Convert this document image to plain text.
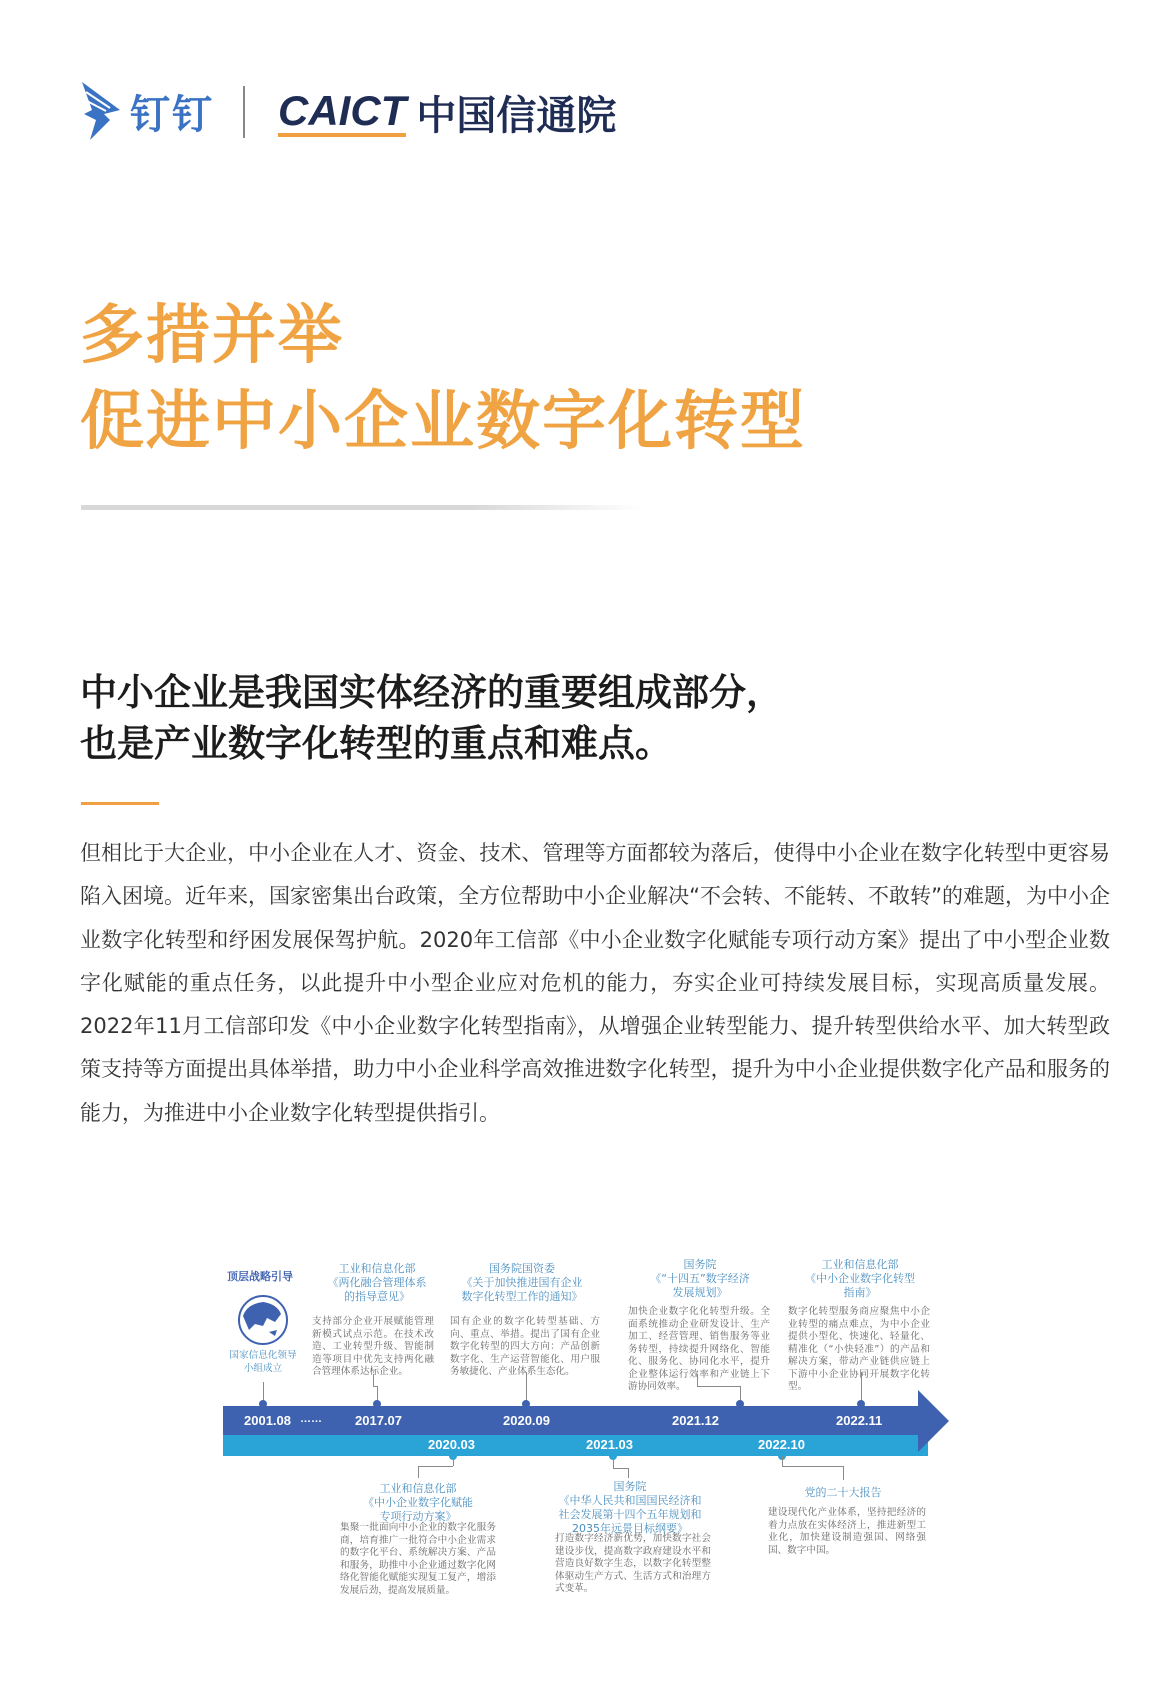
钉钉 CAICT 中国信通院
多措并举
促进中小企业数字化转型
中小企业是我国实体经济的重要组成部分，
也是产业数字化转型的重点和难点。
但相比于大企业，中小企业在人才、资金、技术、管理等方面都较为落后，使得中小企业在数字化转型中更容易陷入困境。近年来，国家密集出台政策，全方位帮助中小企业解决“不会转、不能转、不敢转”的难题，为中小企业数字化转型和纾困发展保驾护航。2020年工信部《中小企业数字化赋能专项行动方案》提出了中小型企业数字化赋能的重点任务，以此提升中小型企业应对危机的能力，夯实企业可持续发展目标，实现高质量发展。2022年11月工信部印发《中小企业数字化转型指南》，从增强企业转型能力、提升转型供给水平、加大转型政策支持等方面提出具体举措，助力中小企业科学高效推进数字化转型，提升为中小企业提供数字化产品和服务的能力，为推进中小企业数字化转型提供指引。
顶层战略引导
国家信息化领导小组成立
2001.08 ……
工业和信息化部
《两化融合管理体系
的指导意见》
支持部分企业开展赋能管理新模式试点示范。在技术改造、工业转型升级、智能制造等项目中优先支持两化融合管理体系达标企业。
2017.07
国务院国资委
《关于加快推进国有企业
数字化转型工作的通知》
国有企业的数字化转型基础、方向、重点、举措。提出了国有企业数字化转型的四大方向：产品创新数字化、生产运营智能化、用户服务敏捷化、产业体系生态化。
2020.09
国务院
《“十四五”数字经济
发展规划》
加快企业数字化化转型升级。全面系统推动企业研发设计、生产加工、经营管理、销售服务等业务转型，持续提升网络化、智能化、服务化、协同化水平，提升企业整体运行效率和产业链上下游协同效率。
2021.12
工业和信息化部
《中小企业数字化转型
指南》
数字化转型服务商应聚焦中小企业转型的痛点难点，为中小企业提供小型化、快速化、轻量化、精准化（“小快轻准”）的产品和解决方案，带动产业链供应链上下游中小企业协同开展数字化转型。
2022.11
2020.03
工业和信息化部
《中小企业数字化赋能
专项行动方案》
集聚一批面向中小企业的数字化服务商，培育推广一批符合中小企业需求的数字化平台、系统解决方案、产品和服务，助推中小企业通过数字化网络化智能化赋能实现复工复产，增添发展后劲，提高发展质量。
2021.03
国务院
《中华人民共和国国民经济和
社会发展第十四个五年规划和
2035年远景目标纲要》
打造数字经济新优势，加快数字社会建设步伐，提高数字政府建设水平和营造良好数字生态，以数字化转型整体驱动生产方式、生活方式和治理方式变革。
2022.10
党的二十大报告
建设现代化产业体系，坚持把经济的着力点放在实体经济上，推进新型工业化，加快建设制造强国、网络强国、数字中国。
